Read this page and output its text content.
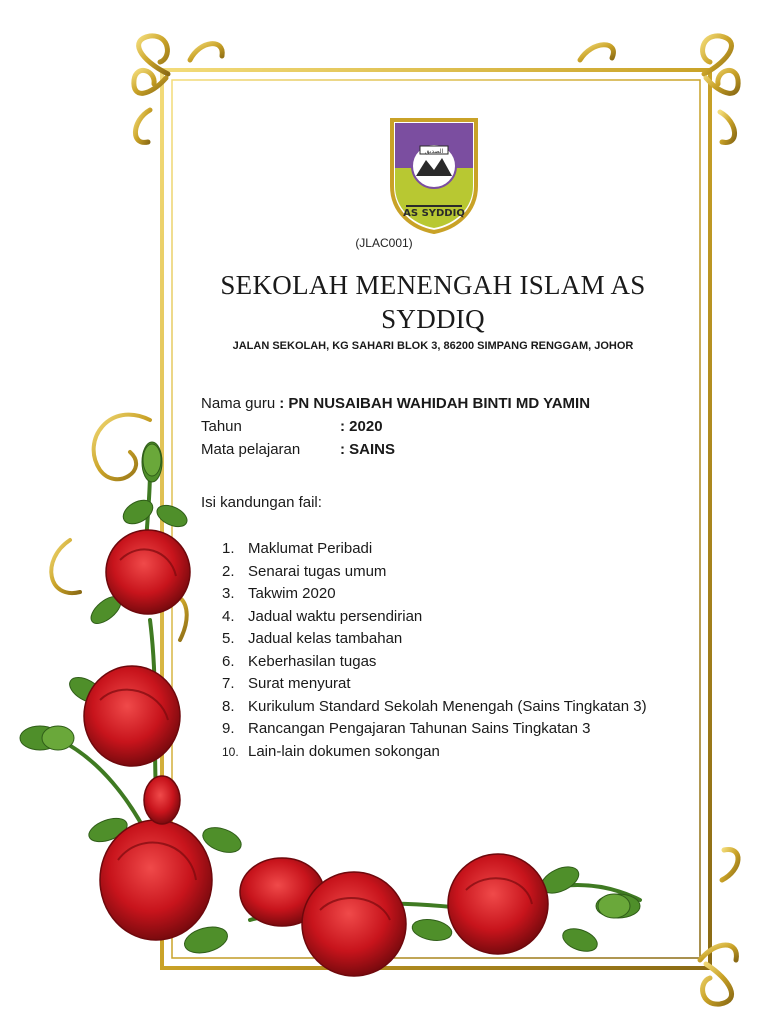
الصديق
AS SYDDIQ
(JLAC001)
SEKOLAH MENENGAH ISLAM AS SYDDIQ
JALAN SEKOLAH, KG SAHARI BLOK 3, 86200 SIMPANG RENGGAM, JOHOR
Nama guru : PN NUSAIBAH WAHIDAH BINTI MD YAMIN
Tahun	: 2020
Mata pelajaran	: SAINS
Isi kandungan fail:
1. Maklumat Peribadi
2. Senarai tugas umum
3. Takwim 2020
4. Jadual waktu persendirian
5. Jadual kelas tambahan
6. Keberhasilan tugas
7. Surat menyurat
8. Kurikulum Standard Sekolah Menengah (Sains Tingkatan 3)
9. Rancangan Pengajaran Tahunan Sains Tingkatan 3
10. Lain-lain dokumen sokongan
